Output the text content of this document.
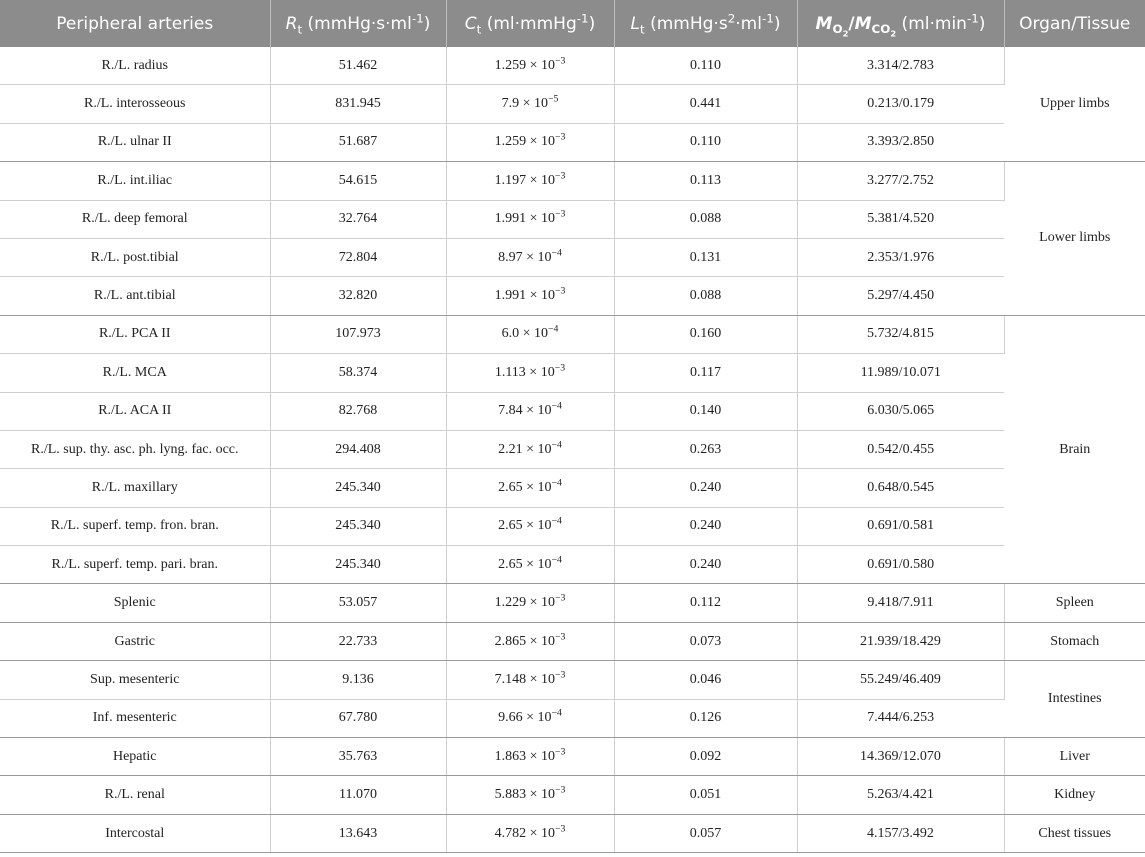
Peripheral arteries	$R_t$ $(mmHg\cdot s\cdot ml^{-1})$	$C_t$ (ml·mmHg$^{-1}$)	$L_t$ $(mmHg\cdot s^2\cdot ml^{-1})$	$M_{O_2}/M_{CO_2}$ $(ml\cdot\min^{-1})$	Organ/Tissue
R./L. radius	51.462	$1.259 \times 10^{-3}$	0.110	3.314/2.783	Upper limbs
R./L. interosseous	831.945	$7.9 \times 10^{-5}$	0.441	0.213/0.179	
R./L. ulnar II	51.687	$1.259 \times 10^{-3}$	0.110	3.393/2.850	
R./L. int.iliac	54.615	$1.197 \times 10^{-3}$	0.113	3.277/2.752	Lower limbs
R./L. deep femoral	32.764	$1.991 \times 10^{-3}$	0.088	5.381/4.520	
R./L. post.tibial	72.804	$8.97 \times 10^{-4}$	0.131	2.353/1.976	
R./L. ant.tibial	32.820	$1.991 \times 10^{-3}$	0.088	5.297/4.450	
R./L. PCA II	107.973	$6.0 \times 10^{-4}$	0.160	5.732/4.815	Brain
R./L. MCA	58.374	$1.113 \times 10^{-3}$	0.117	11.989/10.071	
R./L. ACA II	82.768	$7.84 \times 10^{-4}$	0.140	6.030/5.065	
R./L. sup. thy. asc. ph. lyng. fac. occ.	294.408	$2.21 \times 10^{-4}$	0.263	0.542/0.455	
R./L. maxillary	245.340	$2.65 \times 10^{-4}$	0.240	0.648/0.545	
R./L. superf. temp. fron. bran.	245.340	$2.65 \times 10^{-4}$	0.240	0.691/0.581	
R./L. superf. temp. pari. bran.	245.340	$2.65 \times 10^{-4}$	0.240	0.691/0.580	
Splenic	53.057	$1.229 \times 10^{-3}$	0.112	9.418/7.911	Spleen
Gastric	22.733	$2.865 \times 10^{-3}$	0.073	21.939/18.429	Stomach
Sup. mesenteric	9.136	$7.148 \times 10^{-3}$	0.046	55.249/46.409	Intestines
Inf. mesenteric	67.780	$9.66 \times 10^{-4}$	0.126	7.444/6.253	
Hepatic	35.763	$1.863 \times 10^{-3}$	0.092	14.369/12.070	Liver
R./L. renal	11.070	$5.883 \times 10^{-3}$	0.051	5.263/4.421	Kidney
Intercostal	13.643	$4.782 \times 10^{-3}$	0.057	4.157/3.492	Chest tissues
